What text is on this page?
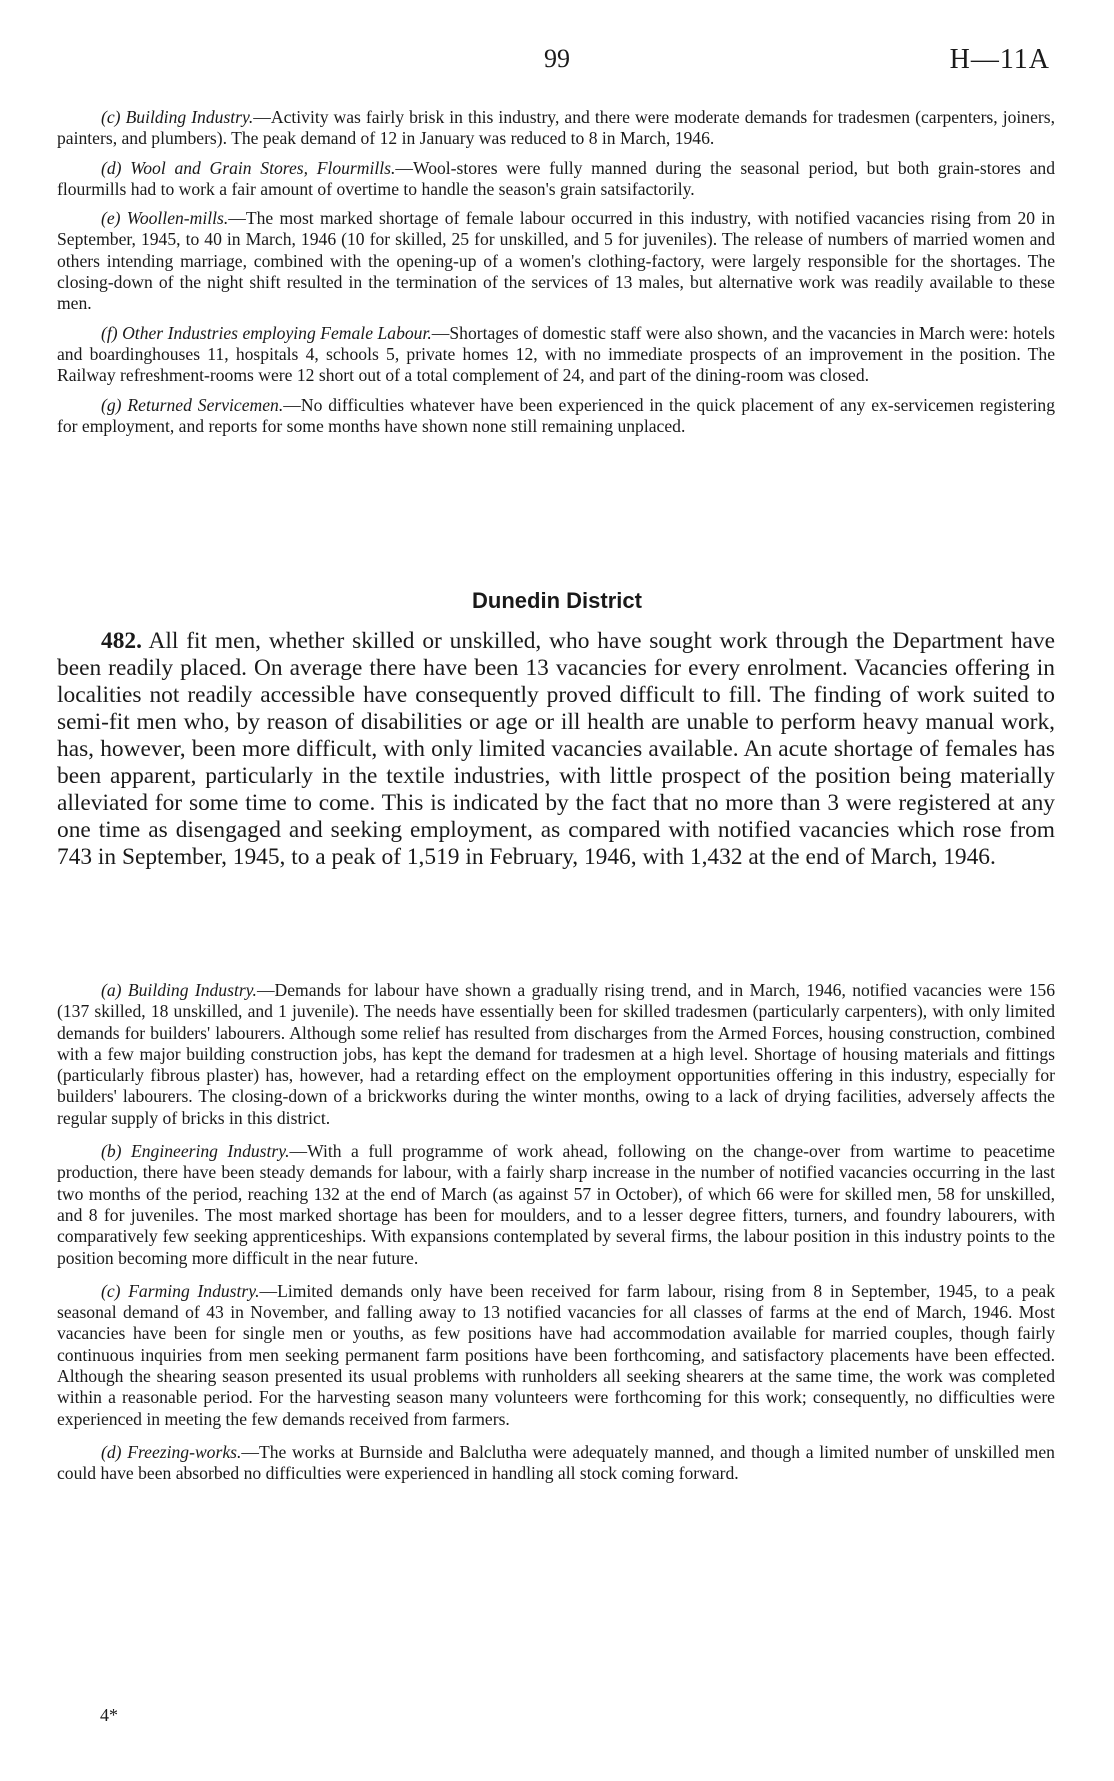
99	H—11A

(c) Building Industry.—Activity was fairly brisk in this industry, and there were moderate demands for tradesmen (carpenters, joiners, painters, and plumbers). The peak demand of 12 in January was reduced to 8 in March, 1946.

(d) Wool and Grain Stores, Flourmills.—Wool-stores were fully manned during the seasonal period, but both grain-stores and flourmills had to work a fair amount of overtime to handle the season's grain satsifactorily.

(e) Woollen-mills.—The most marked shortage of female labour occurred in this industry, with notified vacancies rising from 20 in September, 1945, to 40 in March, 1946 (10 for skilled, 25 for unskilled, and 5 for juveniles). The release of numbers of married women and others intending marriage, combined with the opening-up of a women's clothing-factory, were largely responsible for the shortages. The closing-down of the night shift resulted in the termination of the services of 13 males, but alternative work was readily available to these men.

(f) Other Industries employing Female Labour.—Shortages of domestic staff were also shown, and the vacancies in March were: hotels and boardinghouses 11, hospitals 4, schools 5, private homes 12, with no immediate prospects of an improvement in the position. The Railway refreshment-rooms were 12 short out of a total complement of 24, and part of the dining-room was closed.

(g) Returned Servicemen.—No difficulties whatever have been experienced in the quick placement of any ex-servicemen registering for employment, and reports for some months have shown none still remaining unplaced.

Dunedin District

482. All fit men, whether skilled or unskilled, who have sought work through the Department have been readily placed. On average there have been 13 vacancies for every enrolment. Vacancies offering in localities not readily accessible have consequently proved difficult to fill. The finding of work suited to semi-fit men who, by reason of disabilities or age or ill health are unable to perform heavy manual work, has, however, been more difficult, with only limited vacancies available. An acute shortage of females has been apparent, particularly in the textile industries, with little prospect of the position being materially alleviated for some time to come. This is indicated by the fact that no more than 3 were registered at any one time as disengaged and seeking employment, as compared with notified vacancies which rose from 743 in September, 1945, to a peak of 1,519 in February, 1946, with 1,432 at the end of March, 1946.

(a) Building Industry.—Demands for labour have shown a gradually rising trend, and in March, 1946, notified vacancies were 156 (137 skilled, 18 unskilled, and 1 juvenile). The needs have essentially been for skilled tradesmen (particularly carpenters), with only limited demands for builders' labourers. Although some relief has resulted from discharges from the Armed Forces, housing construction, combined with a few major building construction jobs, has kept the demand for tradesmen at a high level. Shortage of housing materials and fittings (particularly fibrous plaster) has, however, had a retarding effect on the employment opportunities offering in this industry, especially for builders' labourers. The closing-down of a brickworks during the winter months, owing to a lack of drying facilities, adversely affects the regular supply of bricks in this district.

(b) Engineering Industry.—With a full programme of work ahead, following on the change-over from wartime to peacetime production, there have been steady demands for labour, with a fairly sharp increase in the number of notified vacancies occurring in the last two months of the period, reaching 132 at the end of March (as against 57 in October), of which 66 were for skilled men, 58 for unskilled, and 8 for juveniles. The most marked shortage has been for moulders, and to a lesser degree fitters, turners, and foundry labourers, with comparatively few seeking apprenticeships. With expansions contemplated by several firms, the labour position in this industry points to the position becoming more difficult in the near future.

(c) Farming Industry.—Limited demands only have been received for farm labour, rising from 8 in September, 1945, to a peak seasonal demand of 43 in November, and falling away to 13 notified vacancies for all classes of farms at the end of March, 1946. Most vacancies have been for single men or youths, as few positions have had accommodation available for married couples, though fairly continuous inquiries from men seeking permanent farm positions have been forthcoming, and satisfactory placements have been effected. Although the shearing season presented its usual problems with runholders all seeking shearers at the same time, the work was completed within a reasonable period. For the harvesting season many volunteers were forthcoming for this work; consequently, no difficulties were experienced in meeting the few demands received from farmers.

(d) Freezing-works.—The works at Burnside and Balclutha were adequately manned, and though a limited number of unskilled men could have been absorbed no difficulties were experienced in handling all stock coming forward.

4*
